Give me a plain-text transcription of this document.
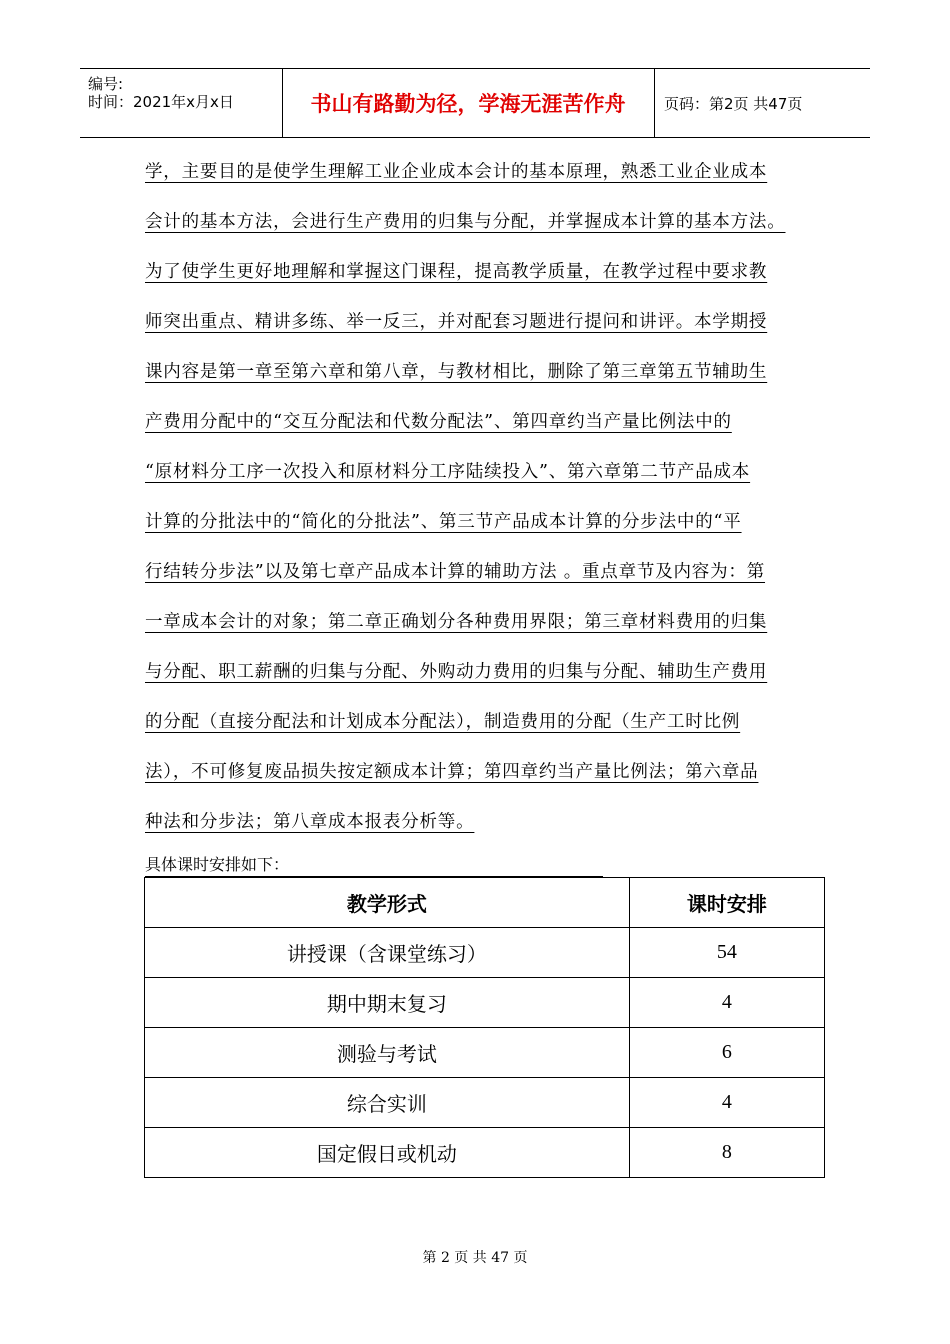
编号:
时间：2021年x月x日	书山有路勤为径，学海无涯苦作舟	页码：第2页 共47页
学，主要目的是使学生理解工业企业成本会计的基本原理，熟悉工业企业成本
会计的基本方法，会进行生产费用的归集与分配，并掌握成本计算的基本方法。
为了使学生更好地理解和掌握这门课程，提高教学质量，在教学过程中要求教
师突出重点、精讲多练、举一反三，并对配套习题进行提问和讲评。本学期授
课内容是第一章至第六章和第八章，与教材相比，删除了第三章第五节辅助生
产费用分配中的“交互分配法和代数分配法”、第四章约当产量比例法中的
“原材料分工序一次投入和原材料分工序陆续投入”、第六章第二节产品成本
计算的分批法中的“简化的分批法”、第三节产品成本计算的分步法中的“平
行结转分步法”以及第七章产品成本计算的辅助方法 。重点章节及内容为：第
一章成本会计的对象；第二章正确划分各种费用界限；第三章材料费用的归集
与分配、职工薪酬的归集与分配、外购动力费用的归集与分配、辅助生产费用
的分配（直接分配法和计划成本分配法），制造费用的分配（生产工时比例
法），不可修复废品损失按定额成本计算；第四章约当产量比例法；第六章品
种法和分步法；第八章成本报表分析等。
具体课时安排如下：
教学形式	课时安排
讲授课（含课堂练习）	54
期中期末复习	4
测验与考试	6
综合实训	4
国定假日或机动	8
第 2 页 共 47 页
